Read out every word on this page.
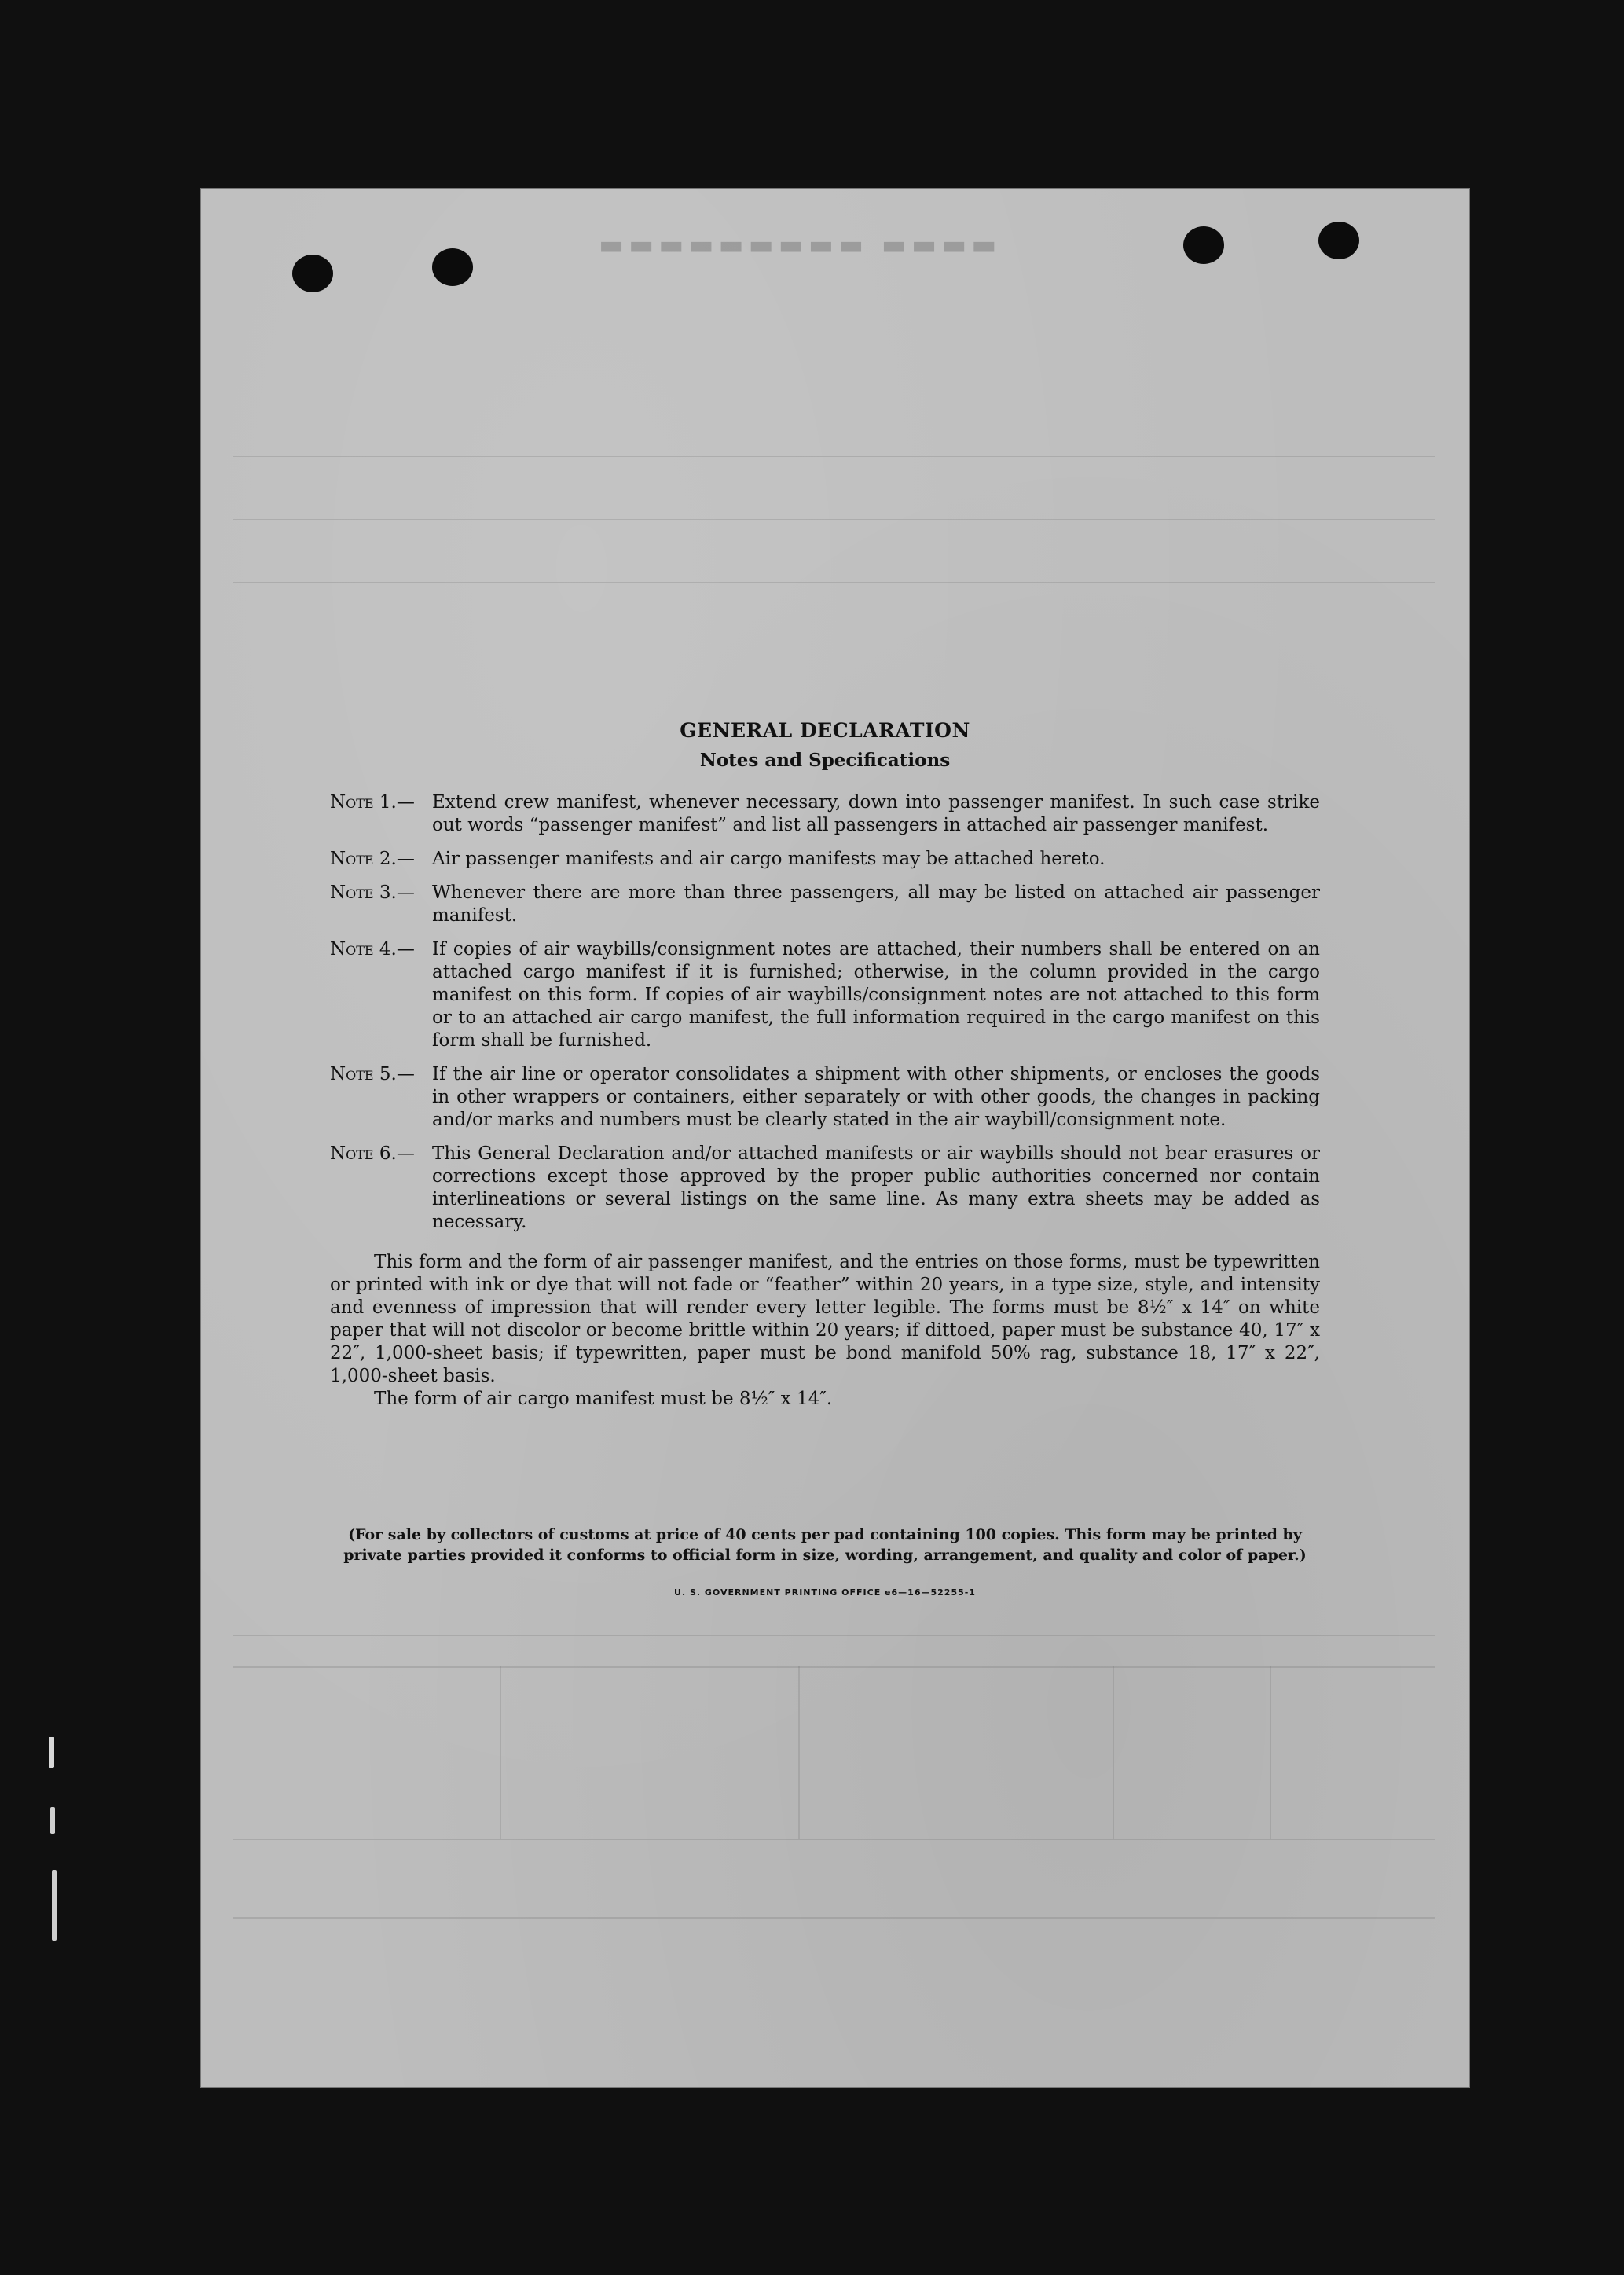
▬▬▬▬ ▬▬▬▬▬▬▬▬▬
GENERAL DECLARATION
Notes and Specifications
Note 1.— Extend crew manifest, whenever necessary, down into passenger manifest. In such case strike out words “passenger manifest” and list all passengers in attached air passenger manifest.
Note 2.— Air passenger manifests and air cargo manifests may be attached hereto.
Note 3.— Whenever there are more than three passengers, all may be listed on attached air passenger manifest.
Note 4.— If copies of air waybills/consignment notes are attached, their numbers shall be entered on an attached cargo manifest if it is furnished; otherwise, in the column provided in the cargo manifest on this form. If copies of air waybills/consignment notes are not attached to this form or to an attached air cargo manifest, the full information required in the cargo manifest on this form shall be furnished.
Note 5.— If the air line or operator consolidates a shipment with other shipments, or encloses the goods in other wrappers or containers, either separately or with other goods, the changes in packing and/or marks and numbers must be clearly stated in the air waybill/consignment note.
Note 6.— This General Declaration and/or attached manifests or air waybills should not bear erasures or corrections except those approved by the proper public authorities concerned nor contain interlineations or several listings on the same line. As many extra sheets may be added as necessary.

This form and the form of air passenger manifest, and the entries on those forms, must be typewritten or printed with ink or dye that will not fade or “feather” within 20 years, in a type size, style, and intensity and evenness of impression that will render every letter legible. The forms must be 8½″ x 14″ on white paper that will not discolor or become brittle within 20 years; if dittoed, paper must be substance 40, 17″ x 22″, 1,000-sheet basis; if typewritten, paper must be bond manifold 50% rag, substance 18, 17″ x 22″, 1,000-sheet basis.

The form of air cargo manifest must be 8½″ x 14″.

(For sale by collectors of customs at price of 40 cents per pad containing 100 copies. This form may be printed by private parties provided it conforms to official form in size, wording, arrangement, and quality and color of paper.)
U. S. GOVERNMENT PRINTING OFFICE e6—16—52255-1
